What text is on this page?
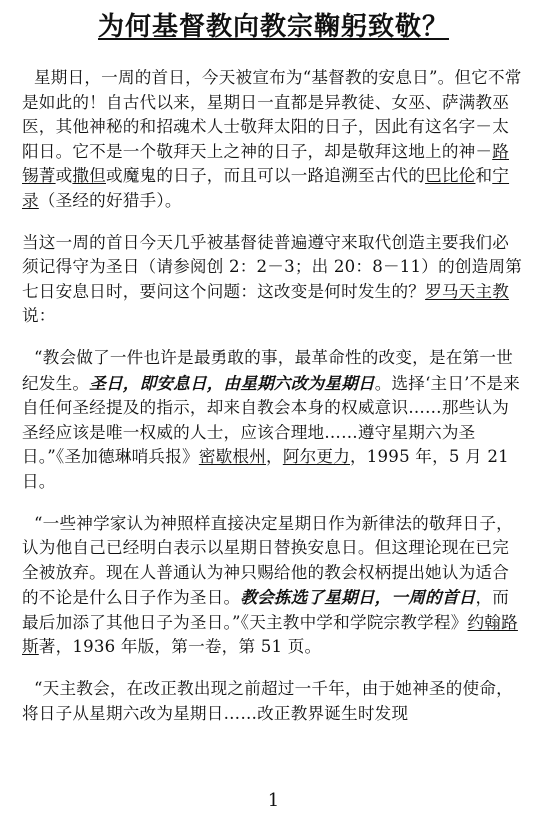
为何基督教向教宗鞠躬致敬？

星期日，一周的首日，今天被宣布为“基督教的安息日”。但它不常是如此的！自古代以来，星期日一直都是异教徒、女巫、萨满教巫医，其他神秘的和招魂术人士敬拜太阳的日子，因此有这名字－太阳日。它不是一个敬拜天上之神的日子，却是敬拜这地上的神－路锡菁或撒但或魔鬼的日子，而且可以一路追溯至古代的巴比伦和宁录（圣经的好猎手）。

当这一周的首日今天几乎被基督徒普遍遵守来取代创造主要我们必须记得守为圣日（请参阅创 2：2－3；出 20：8－11）的创造周第七日安息日时，要问这个问题：这改变是何时发生的？罗马天主教说：

“教会做了一件也许是最勇敢的事，最革命性的改变，是在第一世纪发生。圣日，即安息日，由星期六改为星期日。选择‘主日’不是来自任何圣经提及的指示，却来自教会本身的权威意识……那些认为圣经应该是唯一权威的人士，应该合理地……遵守星期六为圣日。”《圣加德琳哨兵报》密歇根州，阿尔更力，1995 年，5 月 21 日。

“一些神学家认为神照样直接决定星期日作为新律法的敬拜日子，认为他自己已经明白表示以星期日替换安息日。但这理论现在已完全被放弃。现在人普通认为神只赐给他的教会权柄提出她认为适合的不论是什么日子作为圣日。教会拣选了星期日，一周的首日，而最后加添了其他日子为圣日。”《天主教中学和学院宗教学程》约翰路斯著，1936 年版，第一卷，第 51 页。

“天主教会，在改正教出现之前超过一千年，由于她神圣的使命，将日子从星期六改为星期日……改正教界诞生时发现

1
